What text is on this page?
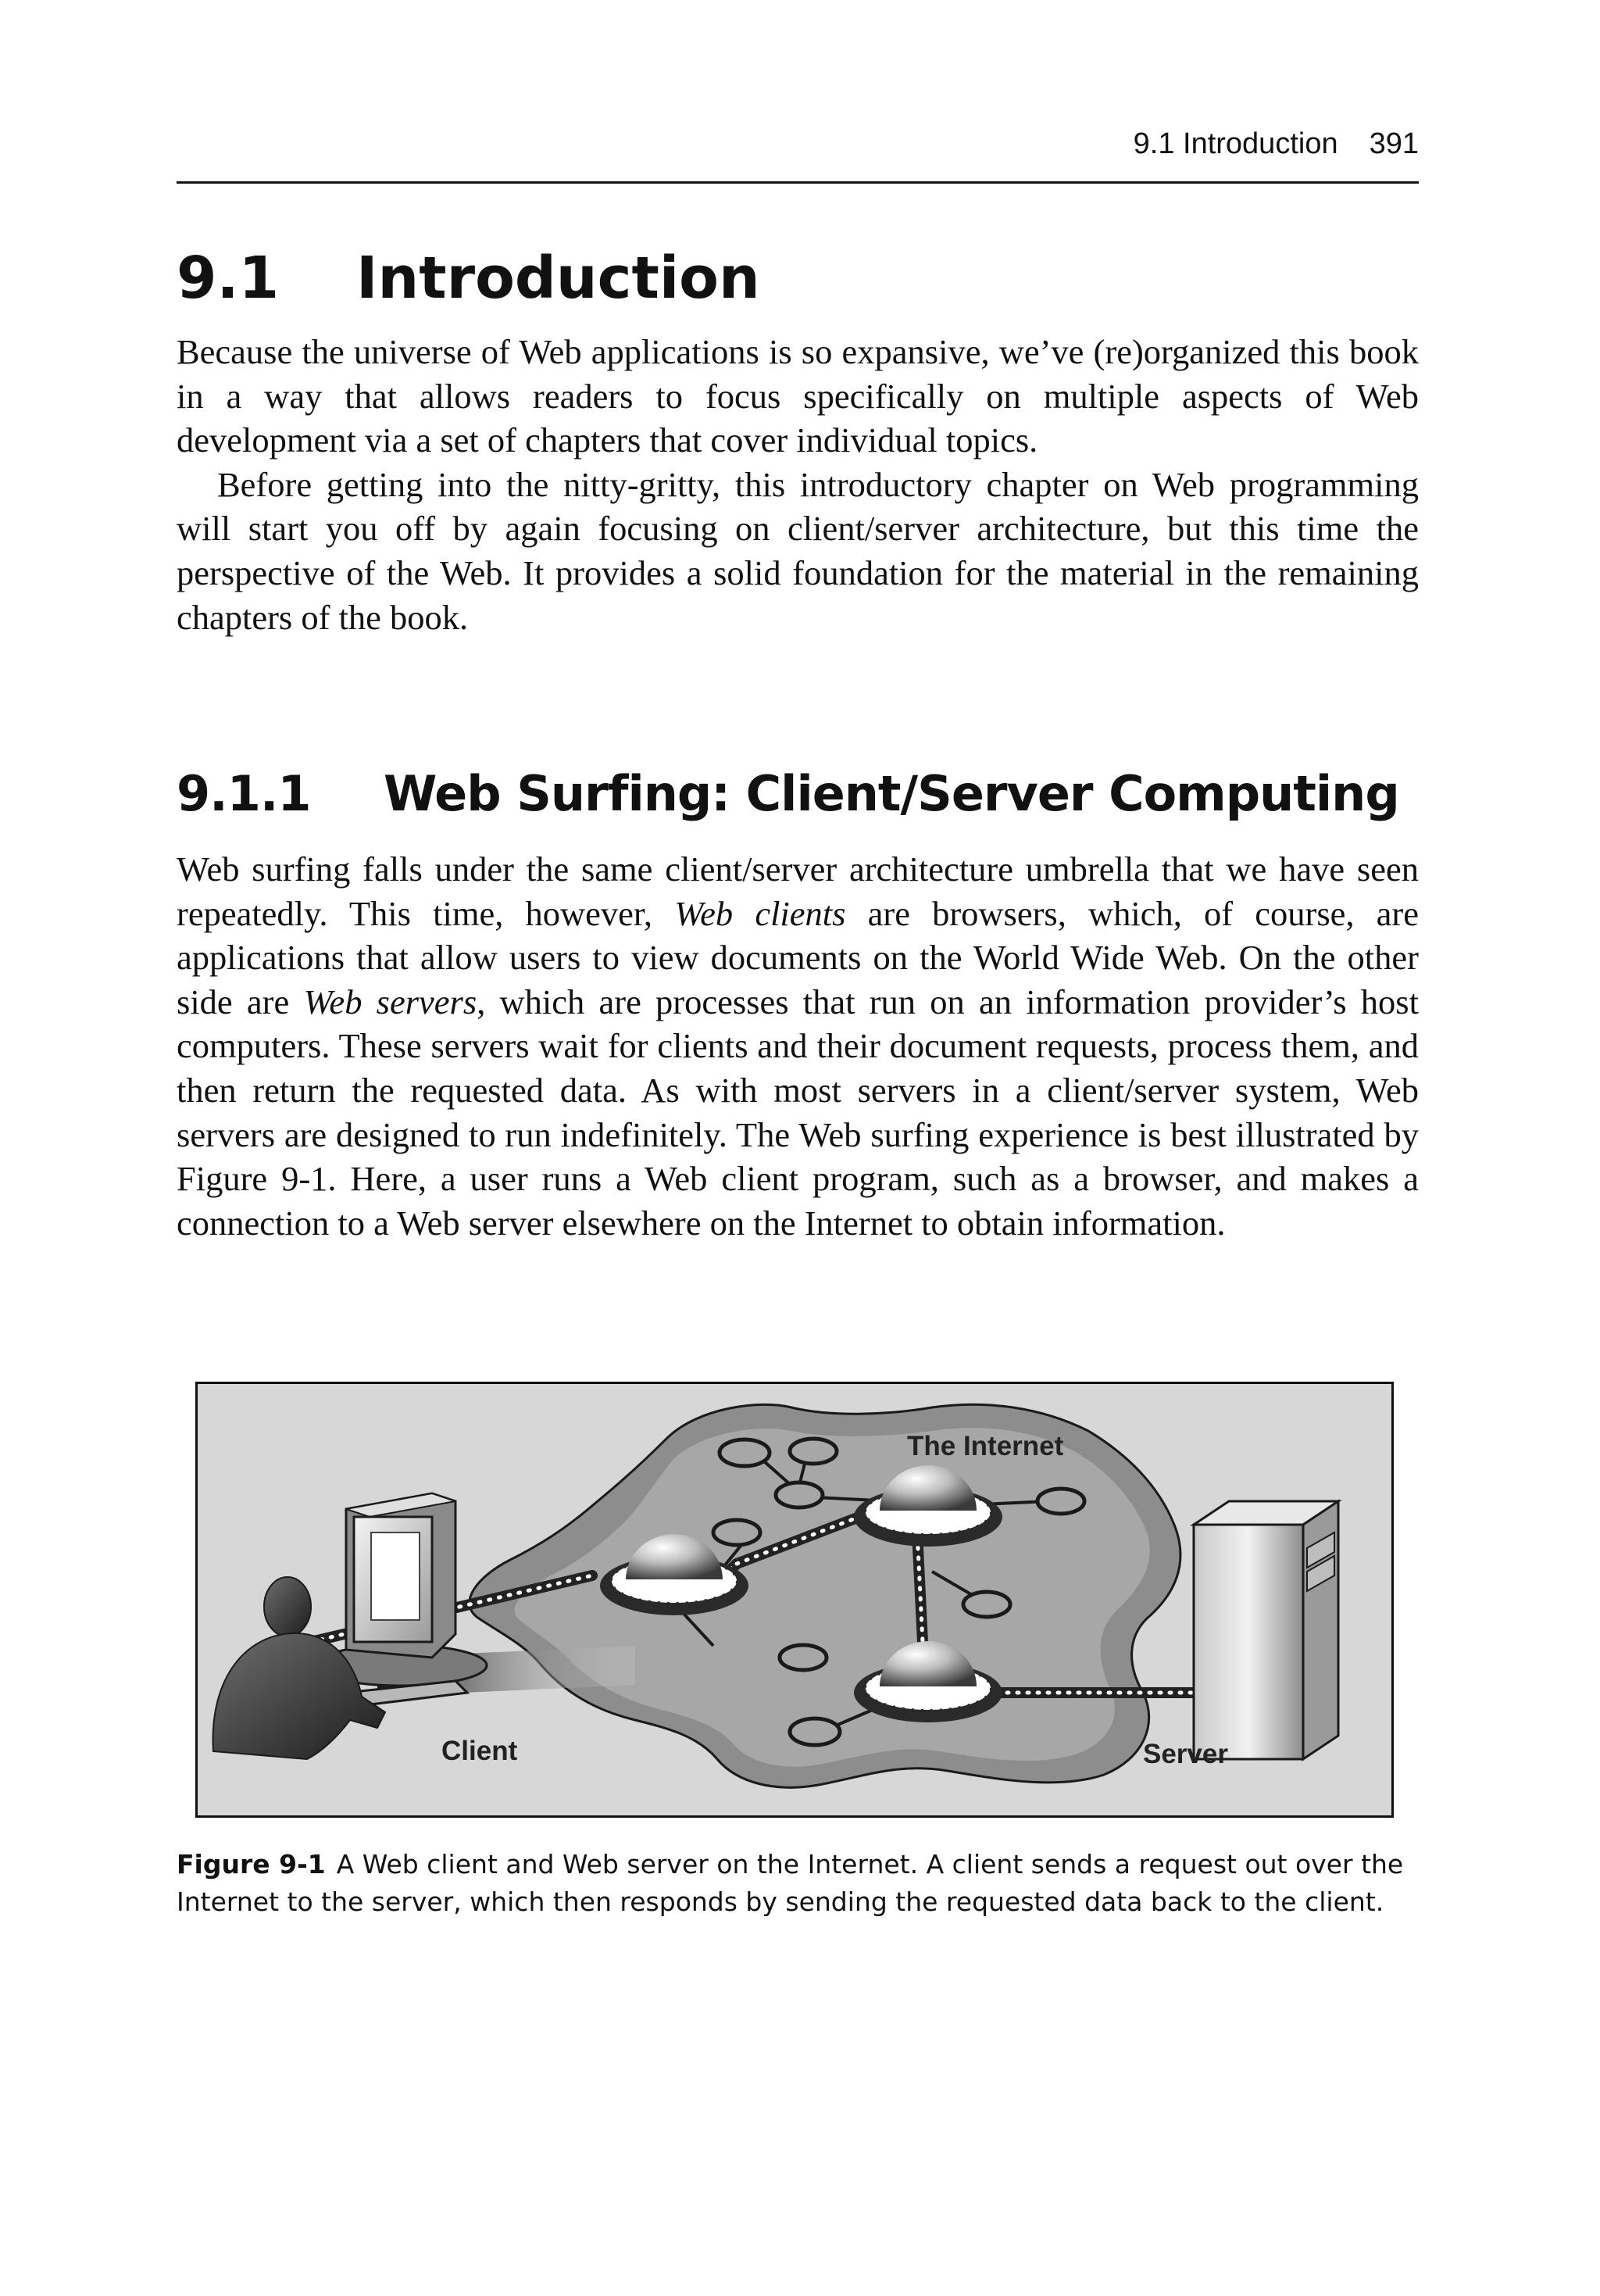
9.1 Introduction 391
9.1 Introduction

Because the universe of Web applications is so expansive, we’ve (re)organized this book in a way that allows readers to focus specifically on multiple aspects of Web development via a set of chapters that cover individual topics.

Before getting into the nitty-gritty, this introductory chapter on Web programming will start you off by again focusing on client/server architecture, but this time the perspective of the Web. It provides a solid foundation for the material in the remaining chapters of the book.

9.1.1 Web Surfing: Client/Server Computing

Web surfing falls under the same client/server architecture umbrella that we have seen repeatedly. This time, however, Web clients are browsers, which, of course, are applications that allow users to view documents on the World Wide Web. On the other side are Web servers, which are processes that run on an information provider’s host computers. These servers wait for clients and their document requests, process them, and then return the requested data. As with most servers in a client/server system, Web servers are designed to run indefinitely. The Web surfing experience is best illustrated by Figure 9-1. Here, a user runs a Web client program, such as a browser, and makes a connection to a Web server elsewhere on the Internet to obtain information.

The Internet
Client	Server

Figure 9-1 A Web client and Web server on the Internet. A client sends a request out over the Internet to the server, which then responds by sending the requested data back to the client.
